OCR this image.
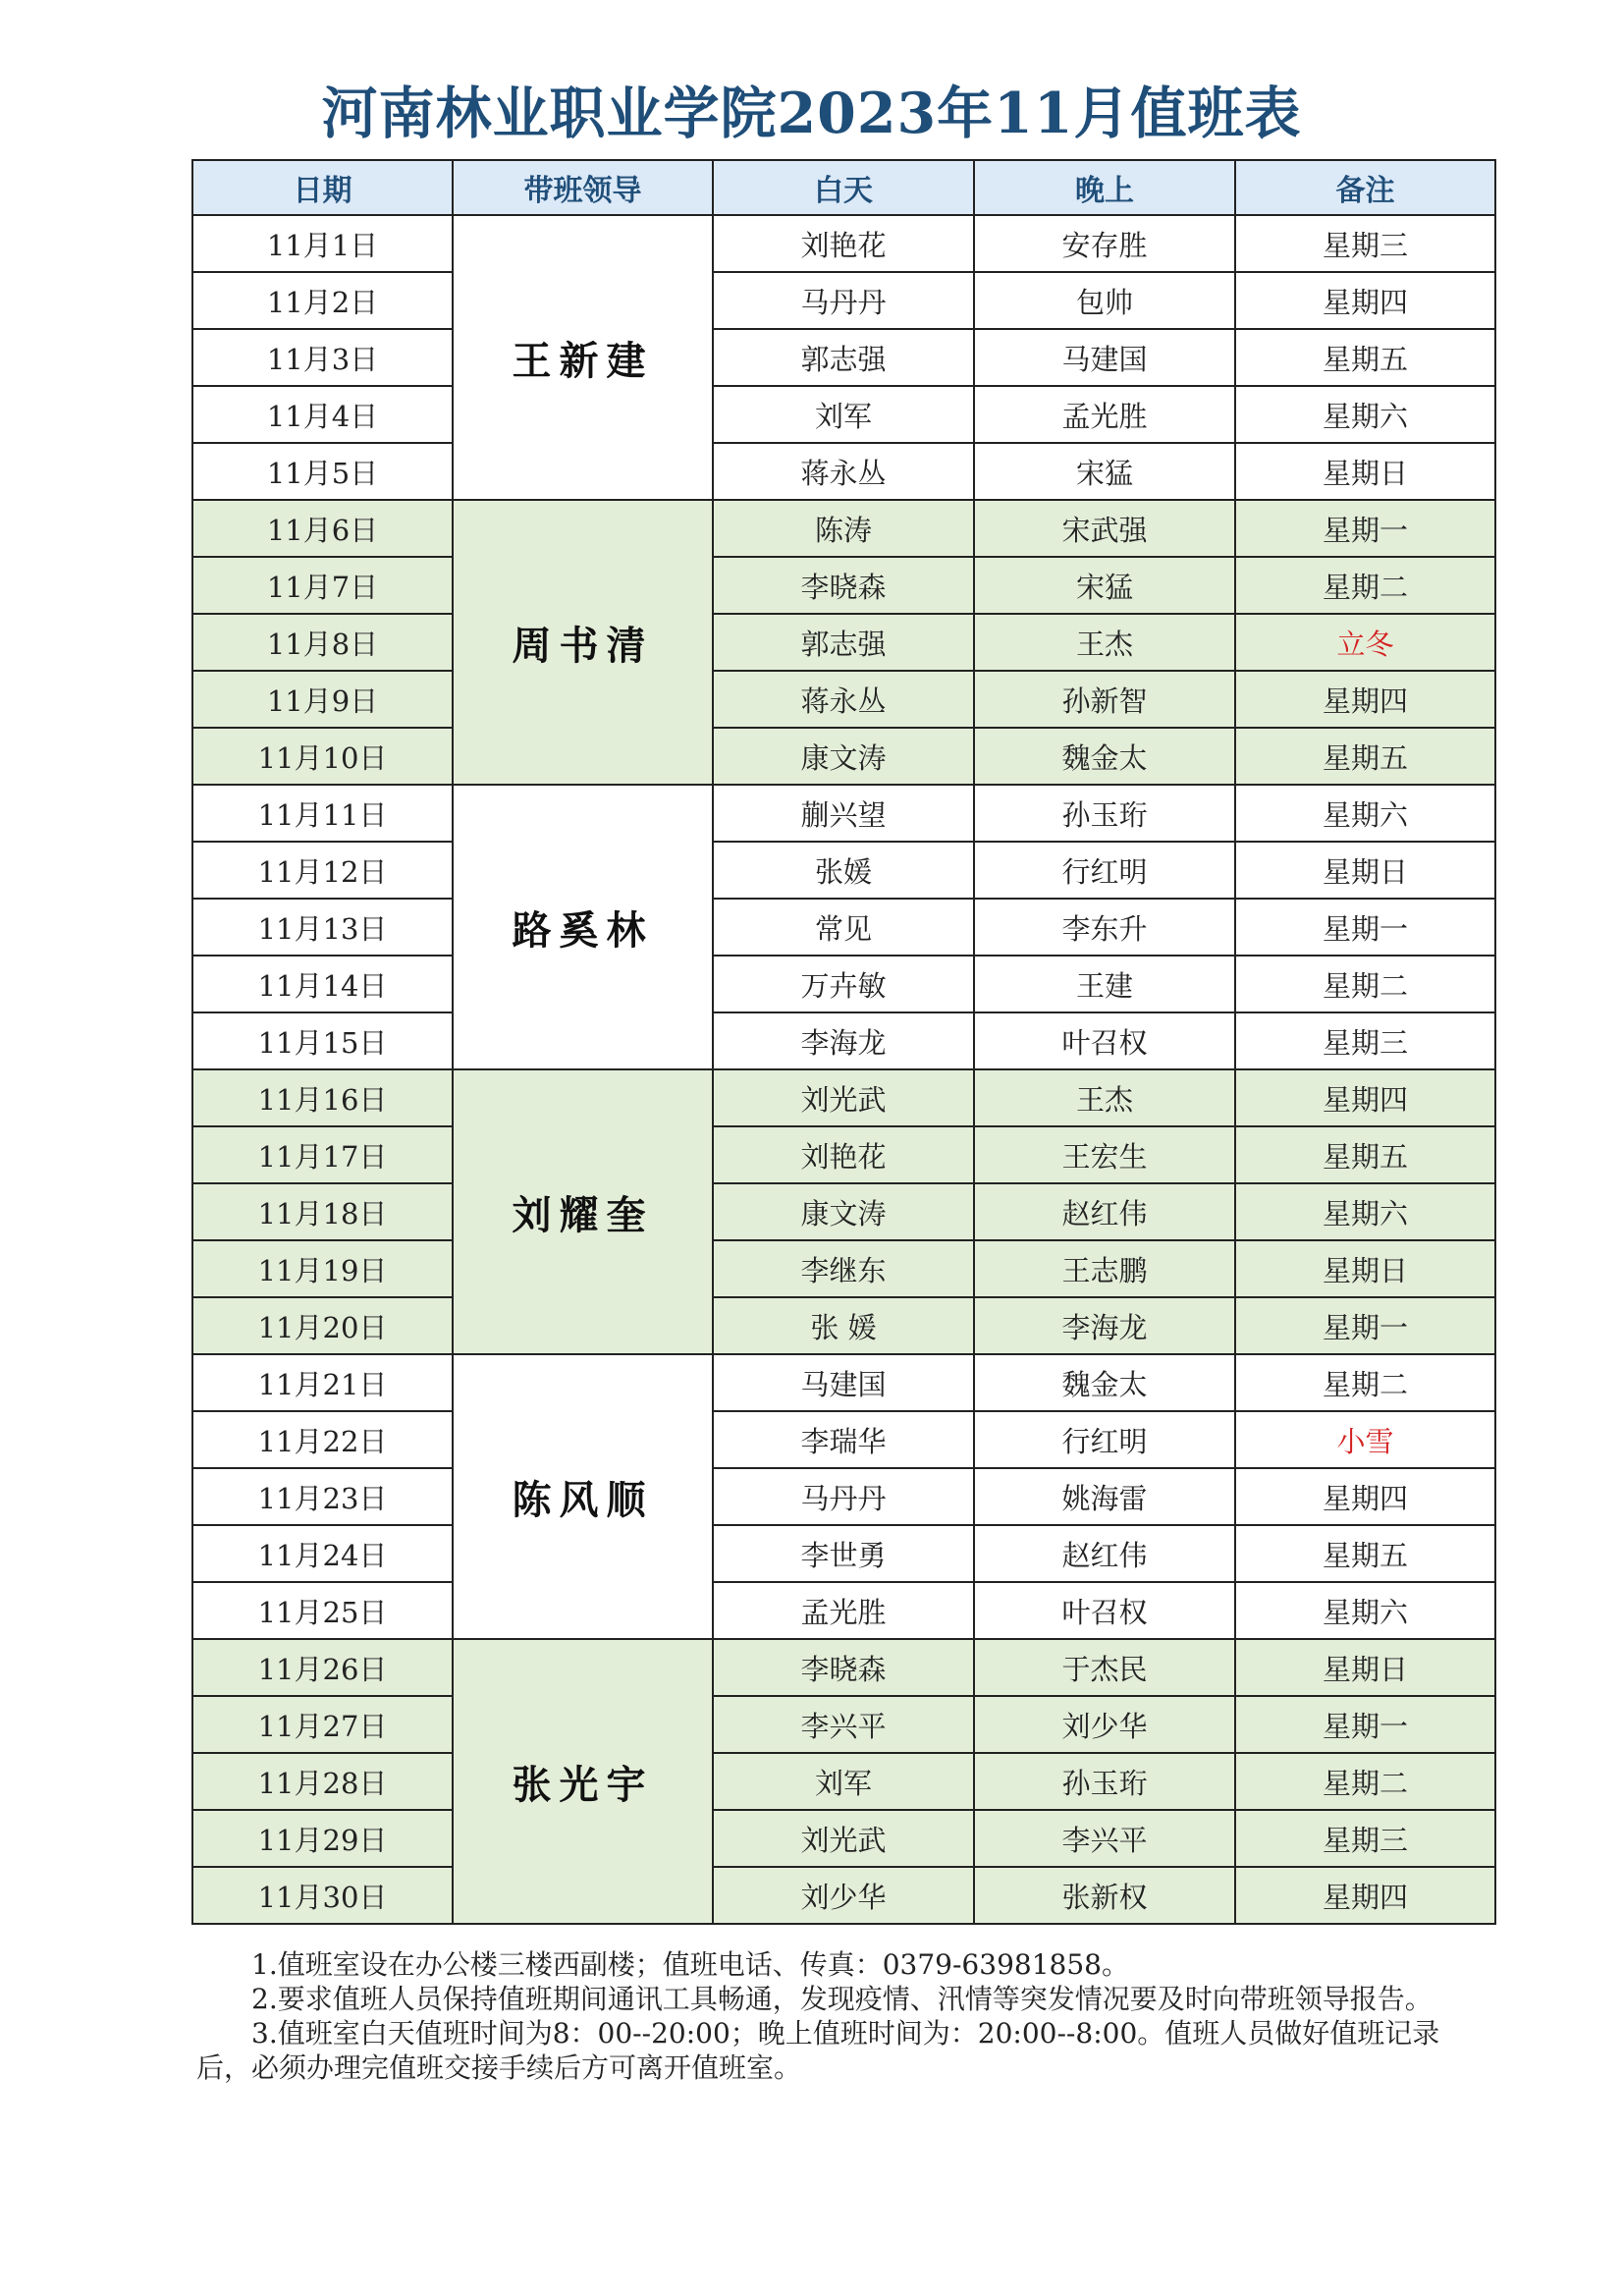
河南林业职业学院2023年11月值班表
日期	带班领导	白天	晚上	备注
11月1日	王新建	刘艳花	安存胜	星期三
11月2日		马丹丹	包帅	星期四
11月3日		郭志强	马建国	星期五
11月4日		刘军	孟光胜	星期六
11月5日		蒋永丛	宋猛	星期日
11月6日	周书清	陈涛	宋武强	星期一
11月7日		李晓森	宋猛	星期二
11月8日		郭志强	王杰	立冬
11月9日		蒋永丛	孙新智	星期四
11月10日		康文涛	魏金太	星期五
11月11日	路奚林	蒯兴望	孙玉珩	星期六
11月12日		张媛	行红明	星期日
11月13日		常见	李东升	星期一
11月14日		万卉敏	王建	星期二
11月15日		李海龙	叶召权	星期三
11月16日	刘耀奎	刘光武	王杰	星期四
11月17日		刘艳花	王宏生	星期五
11月18日		康文涛	赵红伟	星期六
11月19日		李继东	王志鹏	星期日
11月20日		张 媛	李海龙	星期一
11月21日	陈风顺	马建国	魏金太	星期二
11月22日		李瑞华	行红明	小雪
11月23日		马丹丹	姚海雷	星期四
11月24日		李世勇	赵红伟	星期五
11月25日		孟光胜	叶召权	星期六
11月26日	张光宇	李晓森	于杰民	星期日
11月27日		李兴平	刘少华	星期一
11月28日		刘军	孙玉珩	星期二
11月29日		刘光武	李兴平	星期三
11月30日		刘少华	张新权	星期四

1.值班室设在办公楼三楼西副楼；值班电话、传真：0379-63981858。

2.要求值班人员保持值班期间通讯工具畅通，发现疫情、汛情等突发情况要及时向带班领导报告。

3.值班室白天值班时间为8：00--20:00；晚上值班时间为：20:00--8:00。值班人员做好值班记录后，必须办理完值班交接手续后方可离开值班室。
